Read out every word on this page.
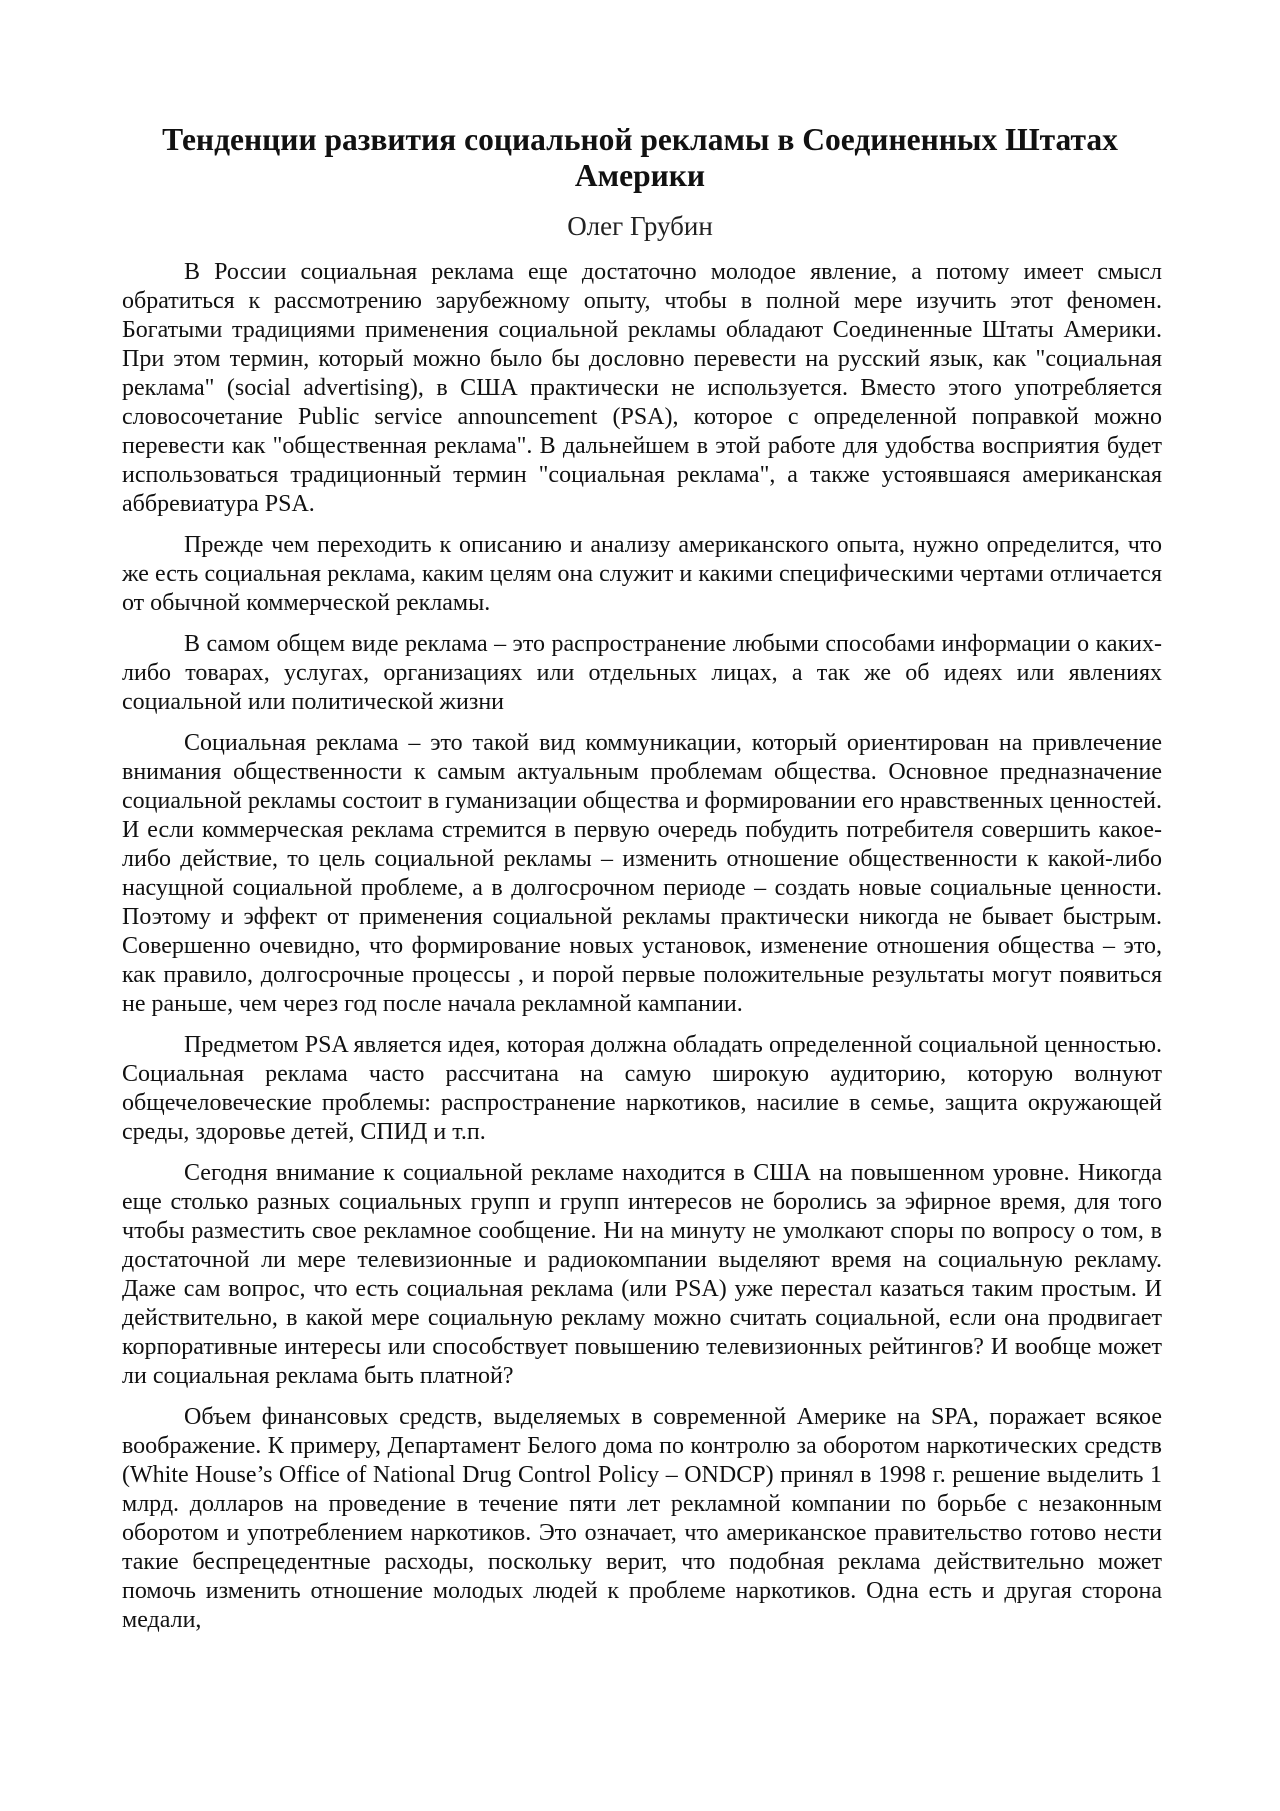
Тенденции развития социальной рекламы в Соединенных Штатах Америки
Олег Грубин

В России социальная реклама еще достаточно молодое явление, а потому имеет смысл обратиться к рассмотрению зарубежному опыту, чтобы в полной мере изучить этот феномен. Богатыми традициями применения социальной рекламы обладают Соединенные Штаты Америки. При этом термин, который можно было бы дословно перевести на русский язык, как "социальная реклама" (social advertising), в США практически не используется. Вместо этого употребляется словосочетание Public service announcement (PSA), которое с определенной поправкой можно перевести как "общественная реклама". В дальнейшем в этой работе для удобства восприятия будет использоваться традиционный термин "социальная реклама", а также устоявшаяся американская аббревиатура PSA.

Прежде чем переходить к описанию и анализу американского опыта, нужно определится, что же есть социальная реклама, каким целям она служит и какими специфическими чертами отличается от обычной коммерческой рекламы.

В самом общем виде реклама – это распространение любыми способами информации о каких-либо товарах, услугах, организациях или отдельных лицах, а так же об идеях или явлениях социальной или политической жизни

Социальная реклама – это такой вид коммуникации, который ориентирован на привлечение внимания общественности к самым актуальным проблемам общества. Основное предназначение социальной рекламы состоит в гуманизации общества и формировании его нравственных ценностей. И если коммерческая реклама стремится в первую очередь побудить потребителя совершить какое-либо действие, то цель социальной рекламы – изменить отношение общественности к какой-либо насущной социальной проблеме, а в долгосрочном периоде – создать новые социальные ценности. Поэтому и эффект от применения социальной рекламы практически никогда не бывает быстрым. Совершенно очевидно, что формирование новых установок, изменение отношения общества – это, как правило, долгосрочные процессы , и порой первые положительные результаты могут появиться не раньше, чем через год после начала рекламной кампании.

Предметом PSA является идея, которая должна обладать определенной социальной ценностью. Социальная реклама часто рассчитана на самую широкую аудиторию, которую волнуют общечеловеческие проблемы: распространение наркотиков, насилие в семье, защита окружающей среды, здоровье детей, СПИД и т.п.

Сегодня внимание к социальной рекламе находится в США на повышенном уровне. Никогда еще столько разных социальных групп и групп интересов не боролись за эфирное время, для того чтобы разместить свое рекламное сообщение. Ни на минуту не умолкают споры по вопросу о том, в достаточной ли мере телевизионные и радиокомпании выделяют время на социальную рекламу. Даже сам вопрос, что есть социальная реклама (или PSA) уже перестал казаться таким простым. И действительно, в какой мере социальную рекламу можно считать социальной, если она продвигает корпоративные интересы или способствует повышению телевизионных рейтингов? И вообще может ли социальная реклама быть платной?

Объем финансовых средств, выделяемых в современной Америке на SPA, поражает всякое воображение. К примеру, Департамент Белого дома по контролю за оборотом наркотических средств (White House’s Office of National Drug Control Policy – ONDCP) принял в 1998 г. решение выделить 1 млрд. долларов на проведение в течение пяти лет рекламной компании по борьбе с незаконным оборотом и употреблением наркотиков. Это означает, что американское правительство готово нести такие беспрецедентные расходы, поскольку верит, что подобная реклама действительно может помочь изменить отношение молодых людей к проблеме наркотиков. Одна есть и другая сторона медали,
